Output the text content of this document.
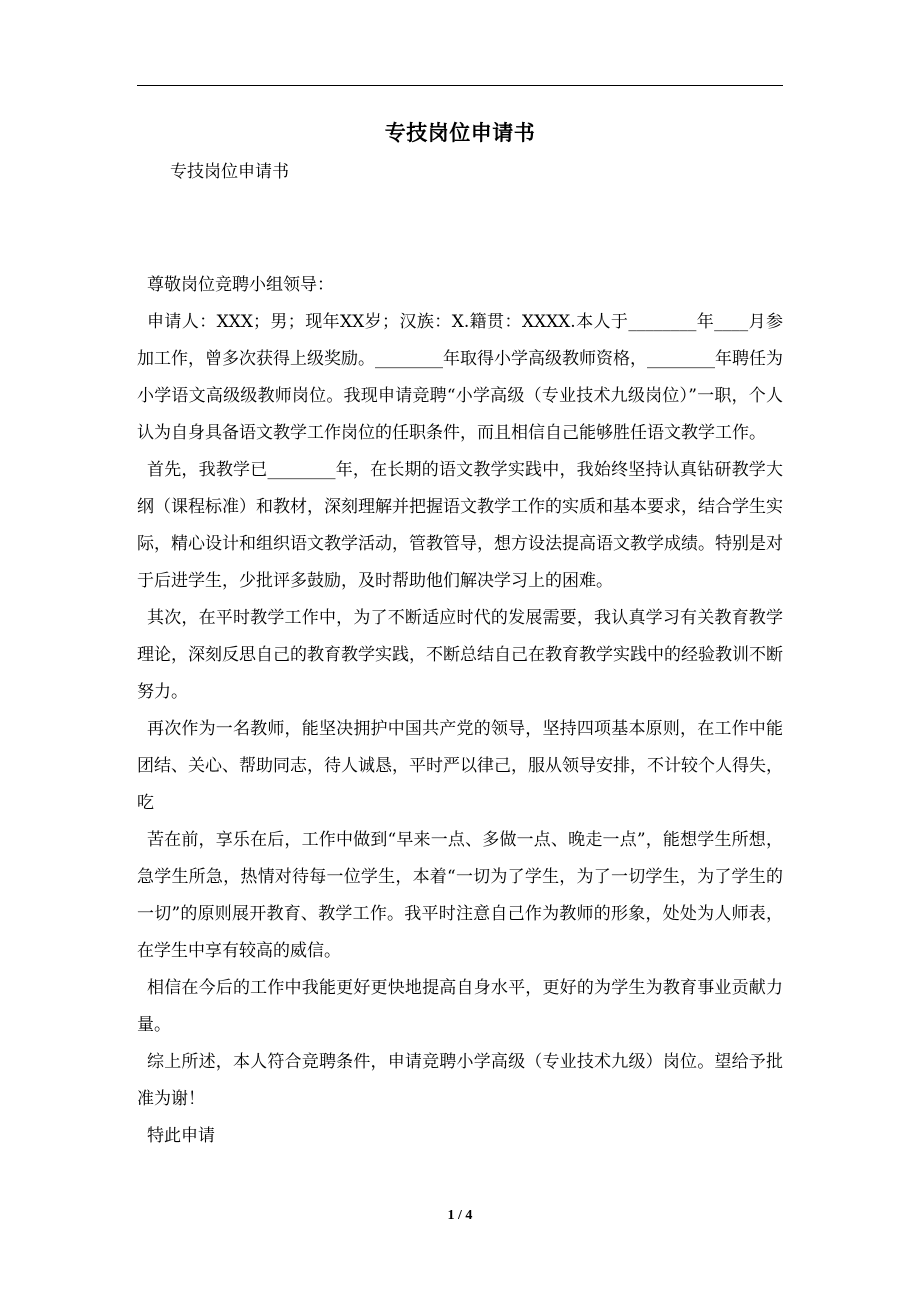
专技岗位申请书
专技岗位申请书

尊敬岗位竞聘小组领导：

申请人：XXX；男；现年XX岁；汉族：X.籍贯：XXXX.本人于________年____月参加工作，曾多次获得上级奖励。________年取得小学高级教师资格，________年聘任为小学语文高级级教师岗位。我现申请竞聘“小学高级（专业技术九级岗位）”一职，个人认为自身具备语文教学工作岗位的任职条件，而且相信自己能够胜任语文教学工作。

首先，我教学已________年，在长期的语文教学实践中，我始终坚持认真钻研教学大纲（课程标准）和教材，深刻理解并把握语文教学工作的实质和基本要求，结合学生实际，精心设计和组织语文教学活动，管教管导，想方设法提高语文教学成绩。特别是对于后进学生，少批评多鼓励，及时帮助他们解决学习上的困难。

其次，在平时教学工作中，为了不断适应时代的发展需要，我认真学习有关教育教学理论，深刻反思自己的教育教学实践，不断总结自己在教育教学实践中的经验教训不断努力。

再次作为一名教师，能坚决拥护中国共产党的领导，坚持四项基本原则，在工作中能团结、关心、帮助同志，待人诚恳，平时严以律己，服从领导安排，不计较个人得失，吃

苦在前，享乐在后，工作中做到“早来一点、多做一点、晚走一点”，能想学生所想，急学生所急，热情对待每一位学生，本着“一切为了学生，为了一切学生，为了学生的一切”的原则展开教育、教学工作。我平时注意自己作为教师的形象，处处为人师表，在学生中享有较高的威信。

相信在今后的工作中我能更好更快地提高自身水平，更好的为学生为教育事业贡献力量。

综上所述，本人符合竞聘条件，申请竞聘小学高级（专业技术九级）岗位。望给予批准为谢！

特此申请

1 / 4
